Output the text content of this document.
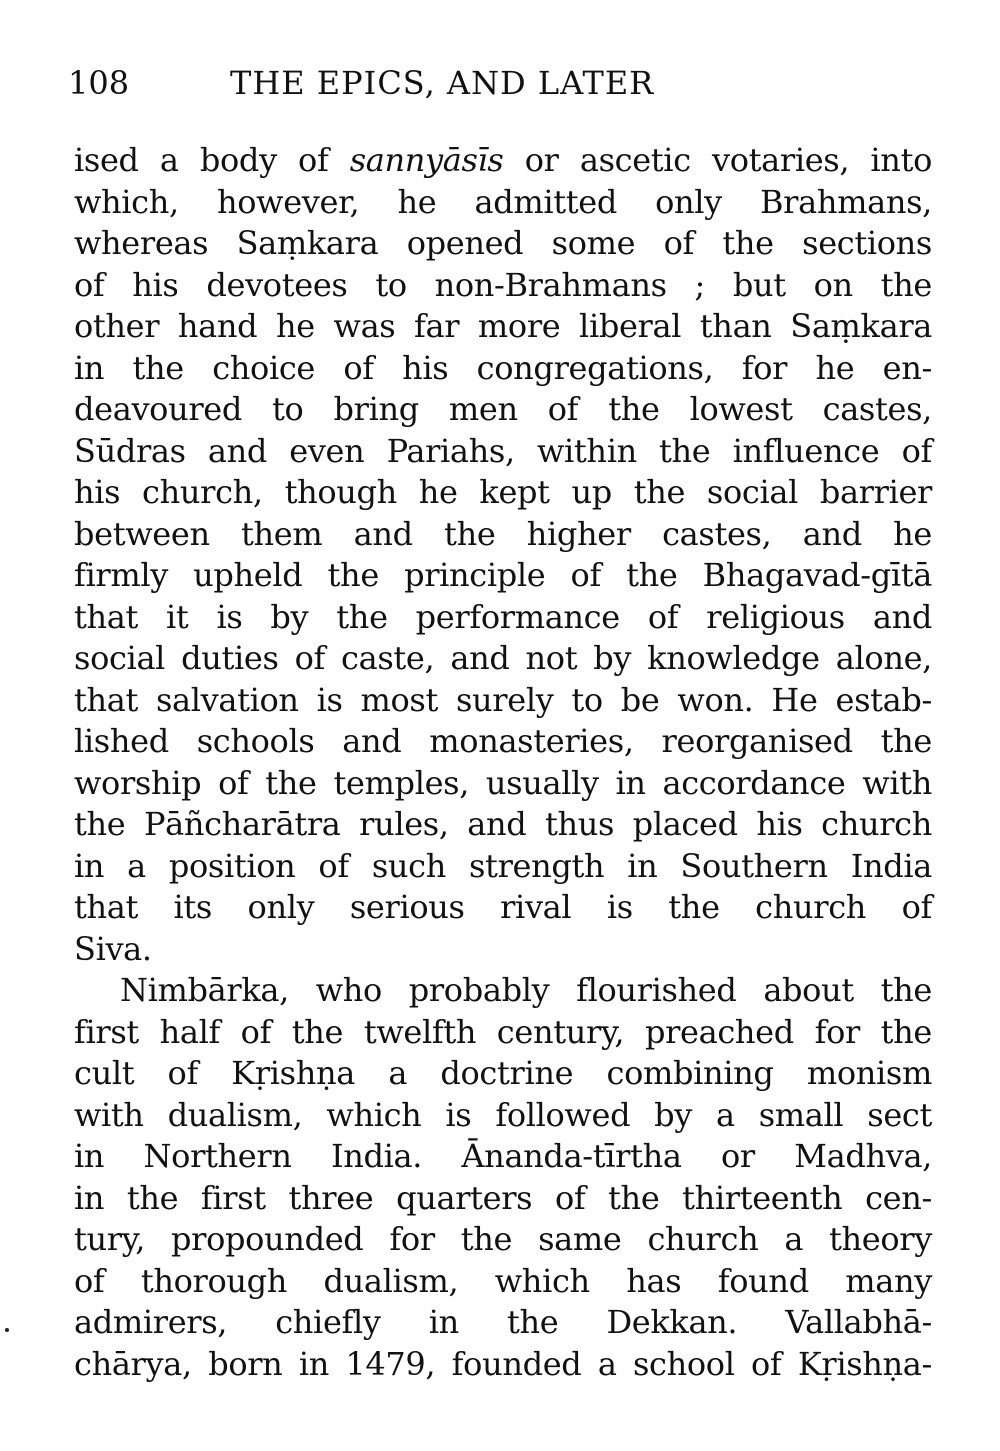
108	THE EPICS, AND LATER
ised a body of sannyāsīs or ascetic votaries, into
which, however, he admitted only Brahmans,
whereas Saṃkara opened some of the sections
of his devotees to non-Brahmans ; but on the
other hand he was far more liberal than Saṃkara
in the choice of his congregations, for he en-
deavoured to bring men of the lowest castes,
Sūdras and even Pariahs, within the influence of
his church, though he kept up the social barrier
between them and the higher castes, and he
firmly upheld the principle of the Bhagavad-gītā
that it is by the performance of religious and
social duties of caste, and not by knowledge alone,
that salvation is most surely to be won. He estab-
lished schools and monasteries, reorganised the
worship of the temples, usually in accordance with
the Pāñcharātra rules, and thus placed his church
in a position of such strength in Southern India
that its only serious rival is the church of
Siva.
Nimbārka, who probably flourished about the
first half of the twelfth century, preached for the
cult of Kṛishṇa a doctrine combining monism
with dualism, which is followed by a small sect
in Northern India. Ānanda-tīrtha or Madhva,
in the first three quarters of the thirteenth cen-
tury, propounded for the same church a theory
of thorough dualism, which has found many
admirers, chiefly in the Dekkan. Vallabhā-
chārya, born in 1479, founded a school of Kṛishṇa-
